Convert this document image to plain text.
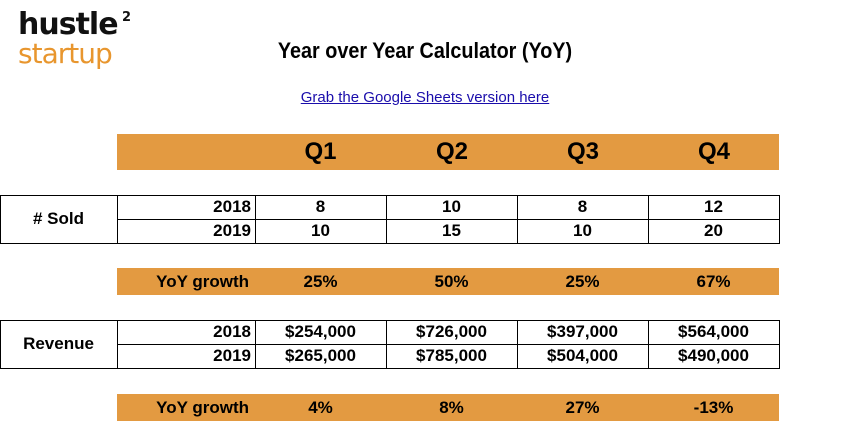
hustle 2
startup	Year over Year Calculator (YoY)
Grab the Google Sheets version here
Q1	Q2	Q3	Q4
# Sold
2018	8	10	8	12
2019	10	15	10	20
YoY growth	25%	50%	25%	67%
Revenue
2018	$254,000	$726,000	$397,000	$564,000
2019	$265,000	$785,000	$504,000	$490,000
YoY growth	4%	8%	27%	-13%
